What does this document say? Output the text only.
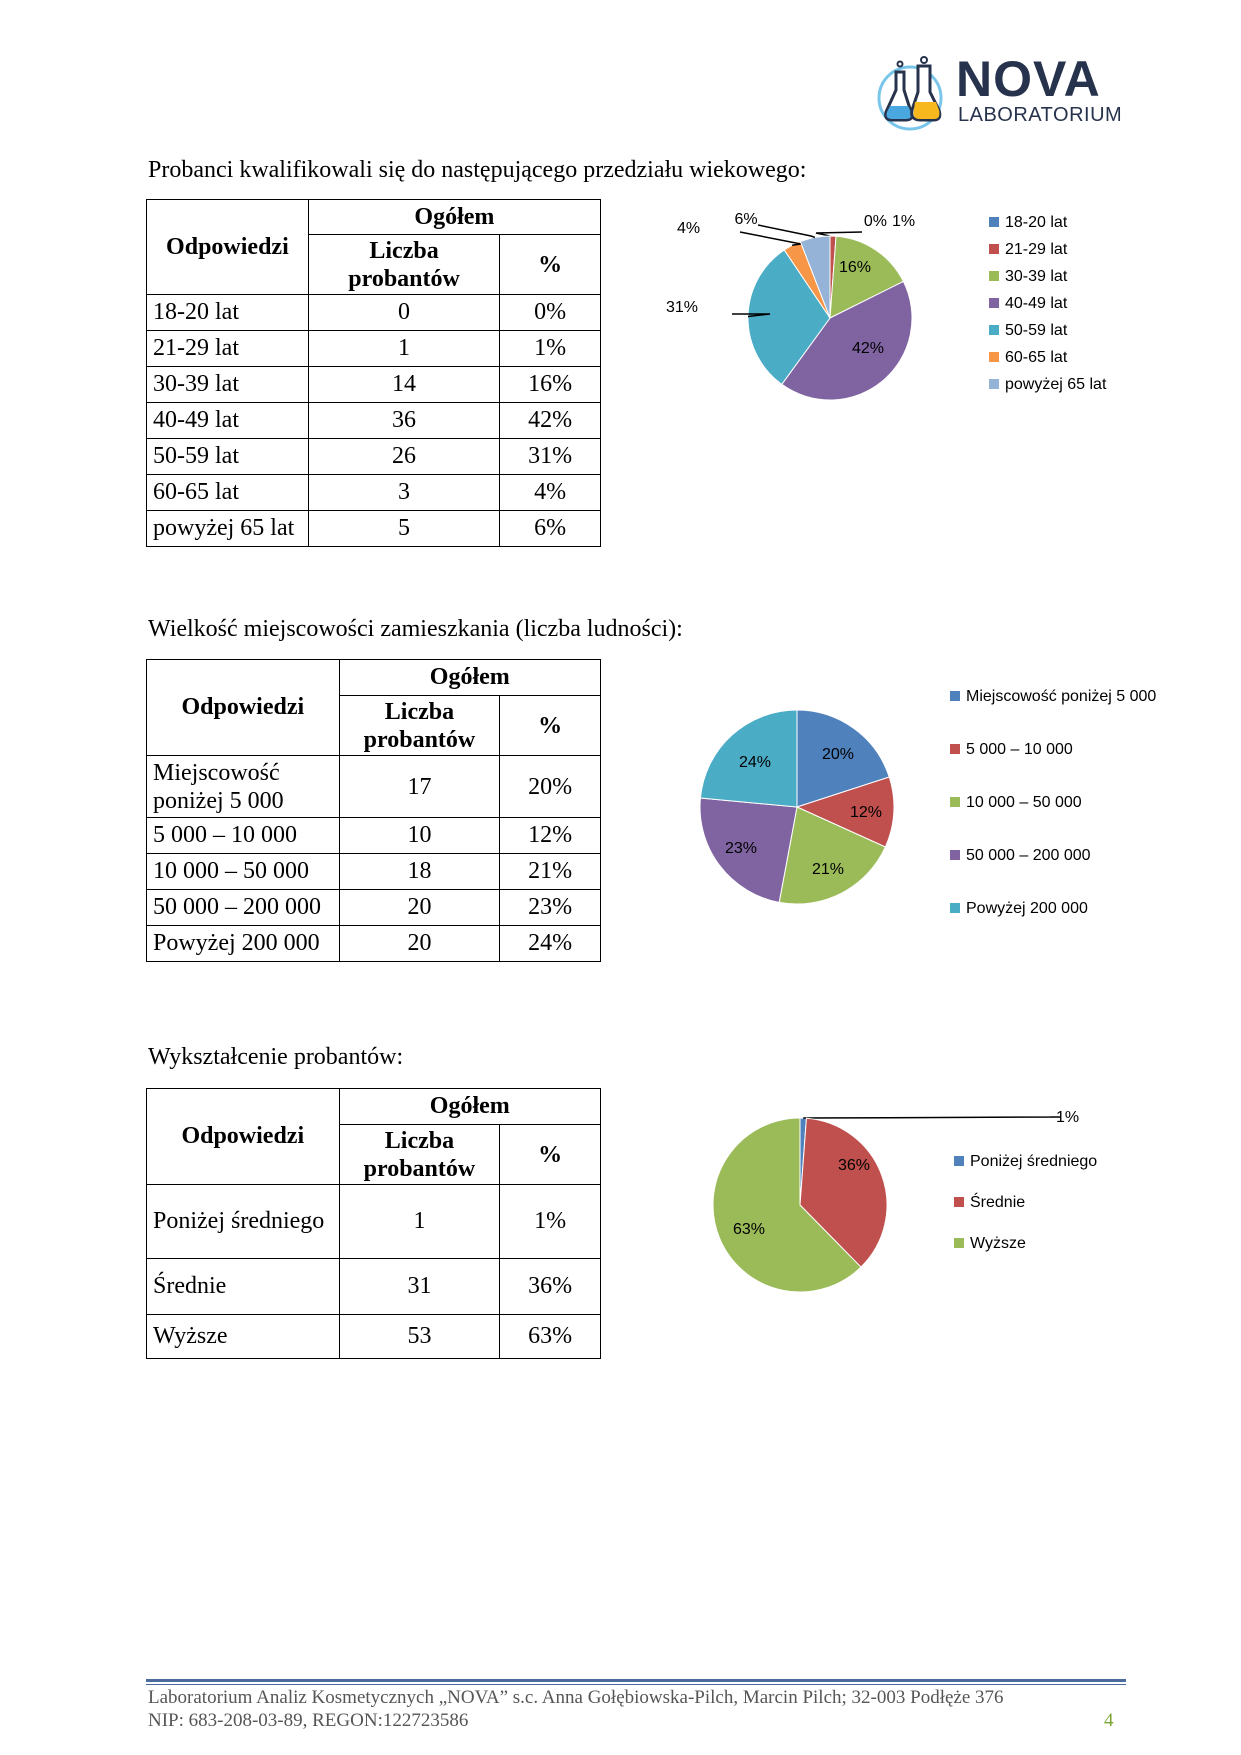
NOVA
LABORATORIUM
Probanci kwalifikowali się do następującego przedziału wiekowego:
Odpowiedzi	Ogółem	
	Liczba probantów	%
18-20 lat	0	0%
21-29 lat	1	1%
30-39 lat	14	16%
40-49 lat	36	42%
50-59 lat	26	31%
60-65 lat	3	4%
powyżej 65 lat	5	6%
0% 1%
16%
42%
31%
4%
6%	18-20 lat
21-29 lat
30-39 lat
40-49 lat
50-59 lat
60-65 lat
powyżej 65 lat
Wielkość miejscowości zamieszkania (liczba ludności):
Odpowiedzi	Ogółem	
	Liczba probantów	%
Miejscowość poniżej 5 000	17	20%
5 000 – 10 000	10	12%
10 000 – 50 000	18	21%
50 000 – 200 000	20	23%
Powyżej 200 000	20	24%
20%
12%
21%
23%
24%
Miejscowość poniżej 5 000
5 000 – 10 000
10 000 – 50 000
50 000 – 200 000
Powyżej 200 000
Wykształcenie probantów:
Odpowiedzi	Ogółem	
	Liczba probantów	%
Poniżej średniego	1	1%
Średnie	31	36%
Wyższe	53	63%
1%
36%
63%
Poniżej średniego
Średnie
Wyższe
Laboratorium Analiz Kosmetycznych „NOVA” s.c. Anna Gołębiowska-Pilch, Marcin Pilch; 32-003 Podłęże 376
NIP: 683-208-03-89, REGON:122723586	4
